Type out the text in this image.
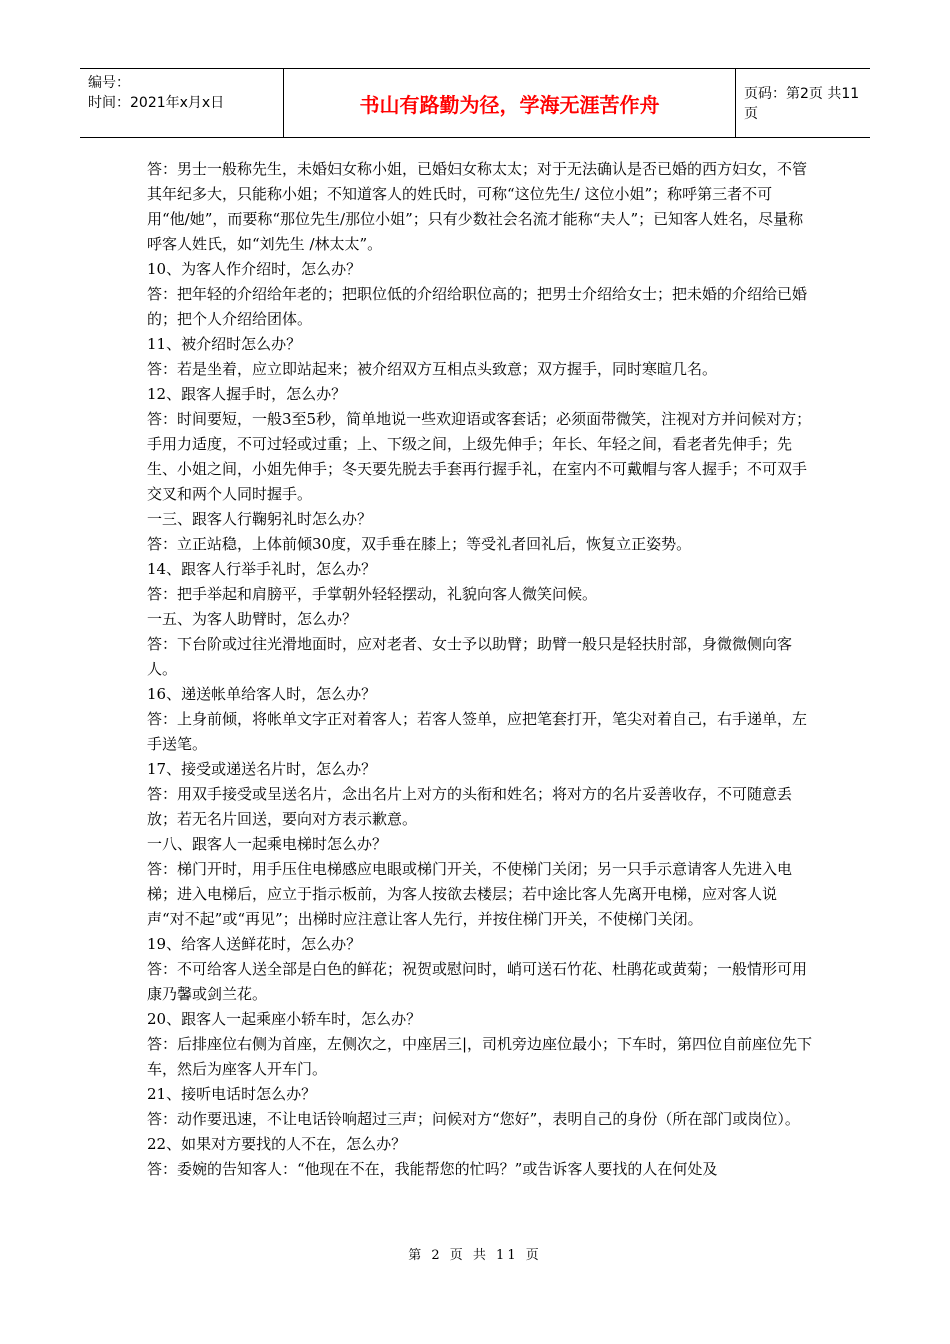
编号：
时间：2021年x月x日	书山有路勤为径，学海无涯苦作舟	页码：第2页 共11页

答：男士一般称先生，未婚妇女称小姐，已婚妇女称太太；对于无法确认是否已婚的西方妇女，不管其年纪多大，只能称小姐；不知道客人的姓氏时，可称“这位先生/ 这位小姐”；称呼第三者不可用“他/她”，而要称“那位先生/那位小姐”；只有少数社会名流才能称“夫人”；已知客人姓名，尽量称呼客人姓氏，如“刘先生 /林太太”。

10、为客人作介绍时，怎么办？

答：把年轻的介绍给年老的；把职位低的介绍给职位高的；把男士介绍给女士；把未婚的介绍给已婚的；把个人介绍给团体。

11、被介绍时怎么办？

答：若是坐着，应立即站起来；被介绍双方互相点头致意；双方握手，同时寒暄几名。

12、跟客人握手时，怎么办？

答：时间要短，一般3至5秒，简单地说一些欢迎语或客套话；必须面带微笑，注视对方并问候对方；手用力适度，不可过轻或过重；上、下级之间，上级先伸手；年长、年轻之间，看老者先伸手；先生、小姐之间，小姐先伸手；冬天要先脱去手套再行握手礼，在室内不可戴帽与客人握手；不可双手交叉和两个人同时握手。

一三、跟客人行鞠躬礼时怎么办？

答：立正站稳，上体前倾30度，双手垂在膝上；等受礼者回礼后，恢复立正姿势。

14、跟客人行举手礼时，怎么办？

答：把手举起和肩膀平，手掌朝外轻轻摆动，礼貌向客人微笑问候。

一五、为客人助臂时，怎么办？

答：下台阶或过往光滑地面时，应对老者、女士予以助臂；助臂一般只是轻扶肘部，身微微侧向客人。

16、递送帐单给客人时，怎么办？

答：上身前倾，将帐单文字正对着客人；若客人签单，应把笔套打开，笔尖对着自己，右手递单，左手送笔。

17、接受或递送名片时，怎么办？

答：用双手接受或呈送名片，念出名片上对方的头衔和姓名；将对方的名片妥善收存，不可随意丢放；若无名片回送，要向对方表示歉意。

一八、跟客人一起乘电梯时怎么办？

答：梯门开时，用手压住电梯感应电眼或梯门开关，不使梯门关闭；另一只手示意请客人先进入电梯；进入电梯后，应立于指示板前，为客人按欲去楼层；若中途比客人先离开电梯，应对客人说声“对不起”或“再见”；出梯时应注意让客人先行，并按住梯门开关，不使梯门关闭。

19、给客人送鲜花时，怎么办？

答：不可给客人送全部是白色的鲜花；祝贺或慰问时，峭可送石竹花、杜鹃花或黄菊；一般情形可用康乃馨或剑兰花。

20、跟客人一起乘座小轿车时，怎么办？

答：后排座位右侧为首座，左侧次之，中座居三|，司机旁边座位最小；下车时，第四位自前座位先下车，然后为座客人开车门。

21、接听电话时怎么办？

答：动作要迅速，不让电话铃响超过三声；问候对方“您好”，表明自己的身份（所在部门或岗位）。

22、如果对方要找的人不在，怎么办？

答：委婉的告知客人：“他现在不在，我能帮您的忙吗？”或告诉客人要找的人在何处及

第 2 页 共 11 页
